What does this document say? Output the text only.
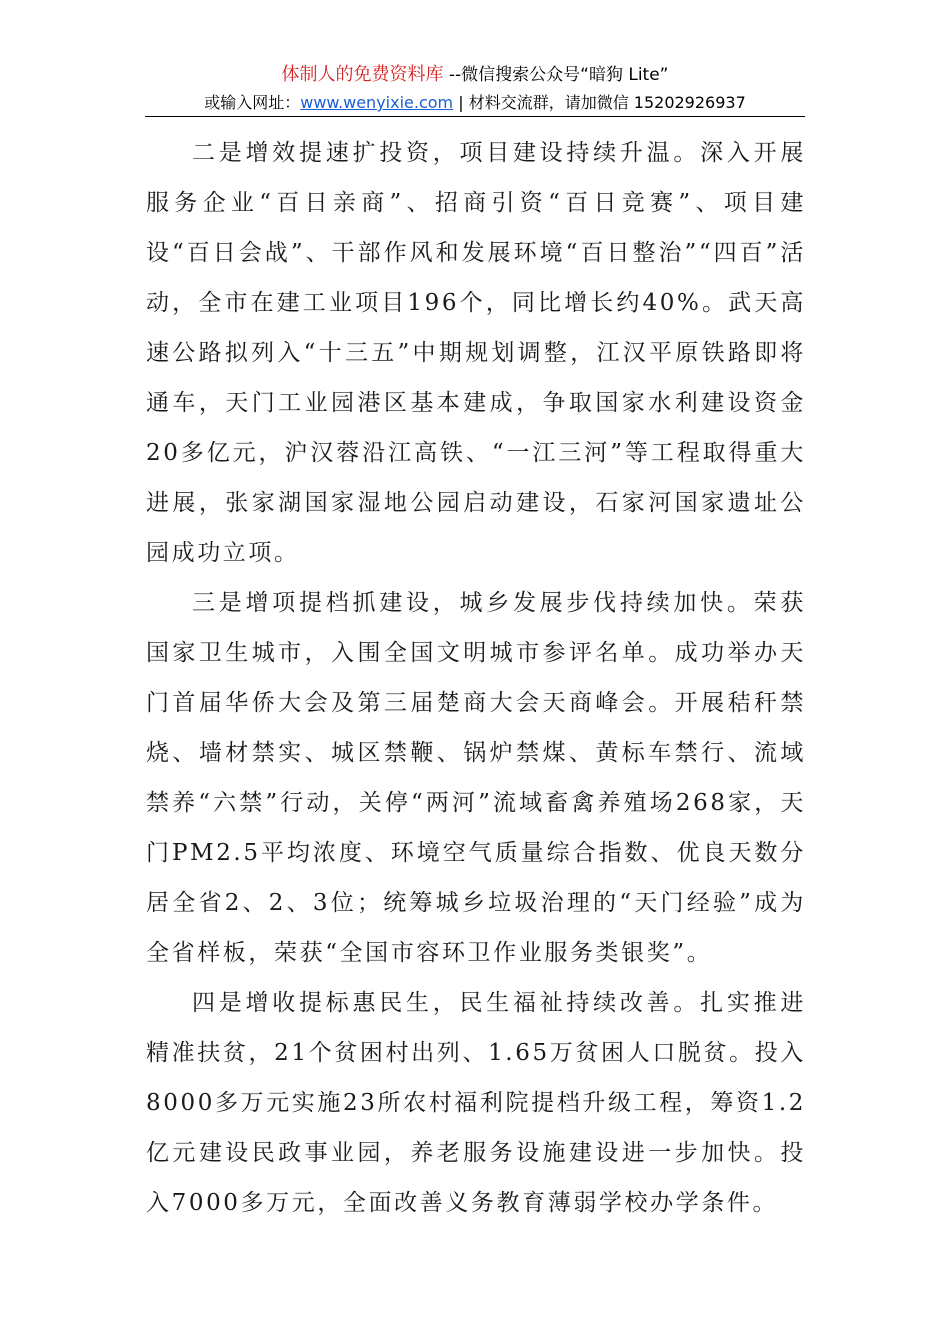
体制人的免费资料库 --微信搜索公众号“暗狗 Lite”
或输入网址：www.wenyixie.com | 材料交流群，请加微信 15202926937

二是增效提速扩投资，项目建设持续升温。深入开展服务企业“百日亲商”、招商引资“百日竞赛”、项目建设“百日会战”、干部作风和发展环境“百日整治”“四百”活动，全市在建工业项目196个，同比增长约40%。武天高速公路拟列入“十三五”中期规划调整，江汉平原铁路即将通车，天门工业园港区基本建成，争取国家水利建设资金20多亿元，沪汉蓉沿江高铁、“一江三河”等工程取得重大进展，张家湖国家湿地公园启动建设，石家河国家遗址公园成功立项。

三是增项提档抓建设，城乡发展步伐持续加快。荣获国家卫生城市，入围全国文明城市参评名单。成功举办天门首届华侨大会及第三届楚商大会天商峰会。开展秸秆禁烧、墙材禁实、城区禁鞭、锅炉禁煤、黄标车禁行、流域禁养“六禁”行动，关停“两河”流域畜禽养殖场268家，天门PM2.5平均浓度、环境空气质量综合指数、优良天数分居全省2、2、3位；统筹城乡垃圾治理的“天门经验”成为全省样板，荣获“全国市容环卫作业服务类银奖”。

四是增收提标惠民生，民生福祉持续改善。扎实推进精准扶贫，21个贫困村出列、1.65万贫困人口脱贫。投入8000多万元实施23所农村福利院提档升级工程，筹资1.2亿元建设民政事业园，养老服务设施建设进一步加快。投入7000多万元，全面改善义务教育薄弱学校办学条件。
